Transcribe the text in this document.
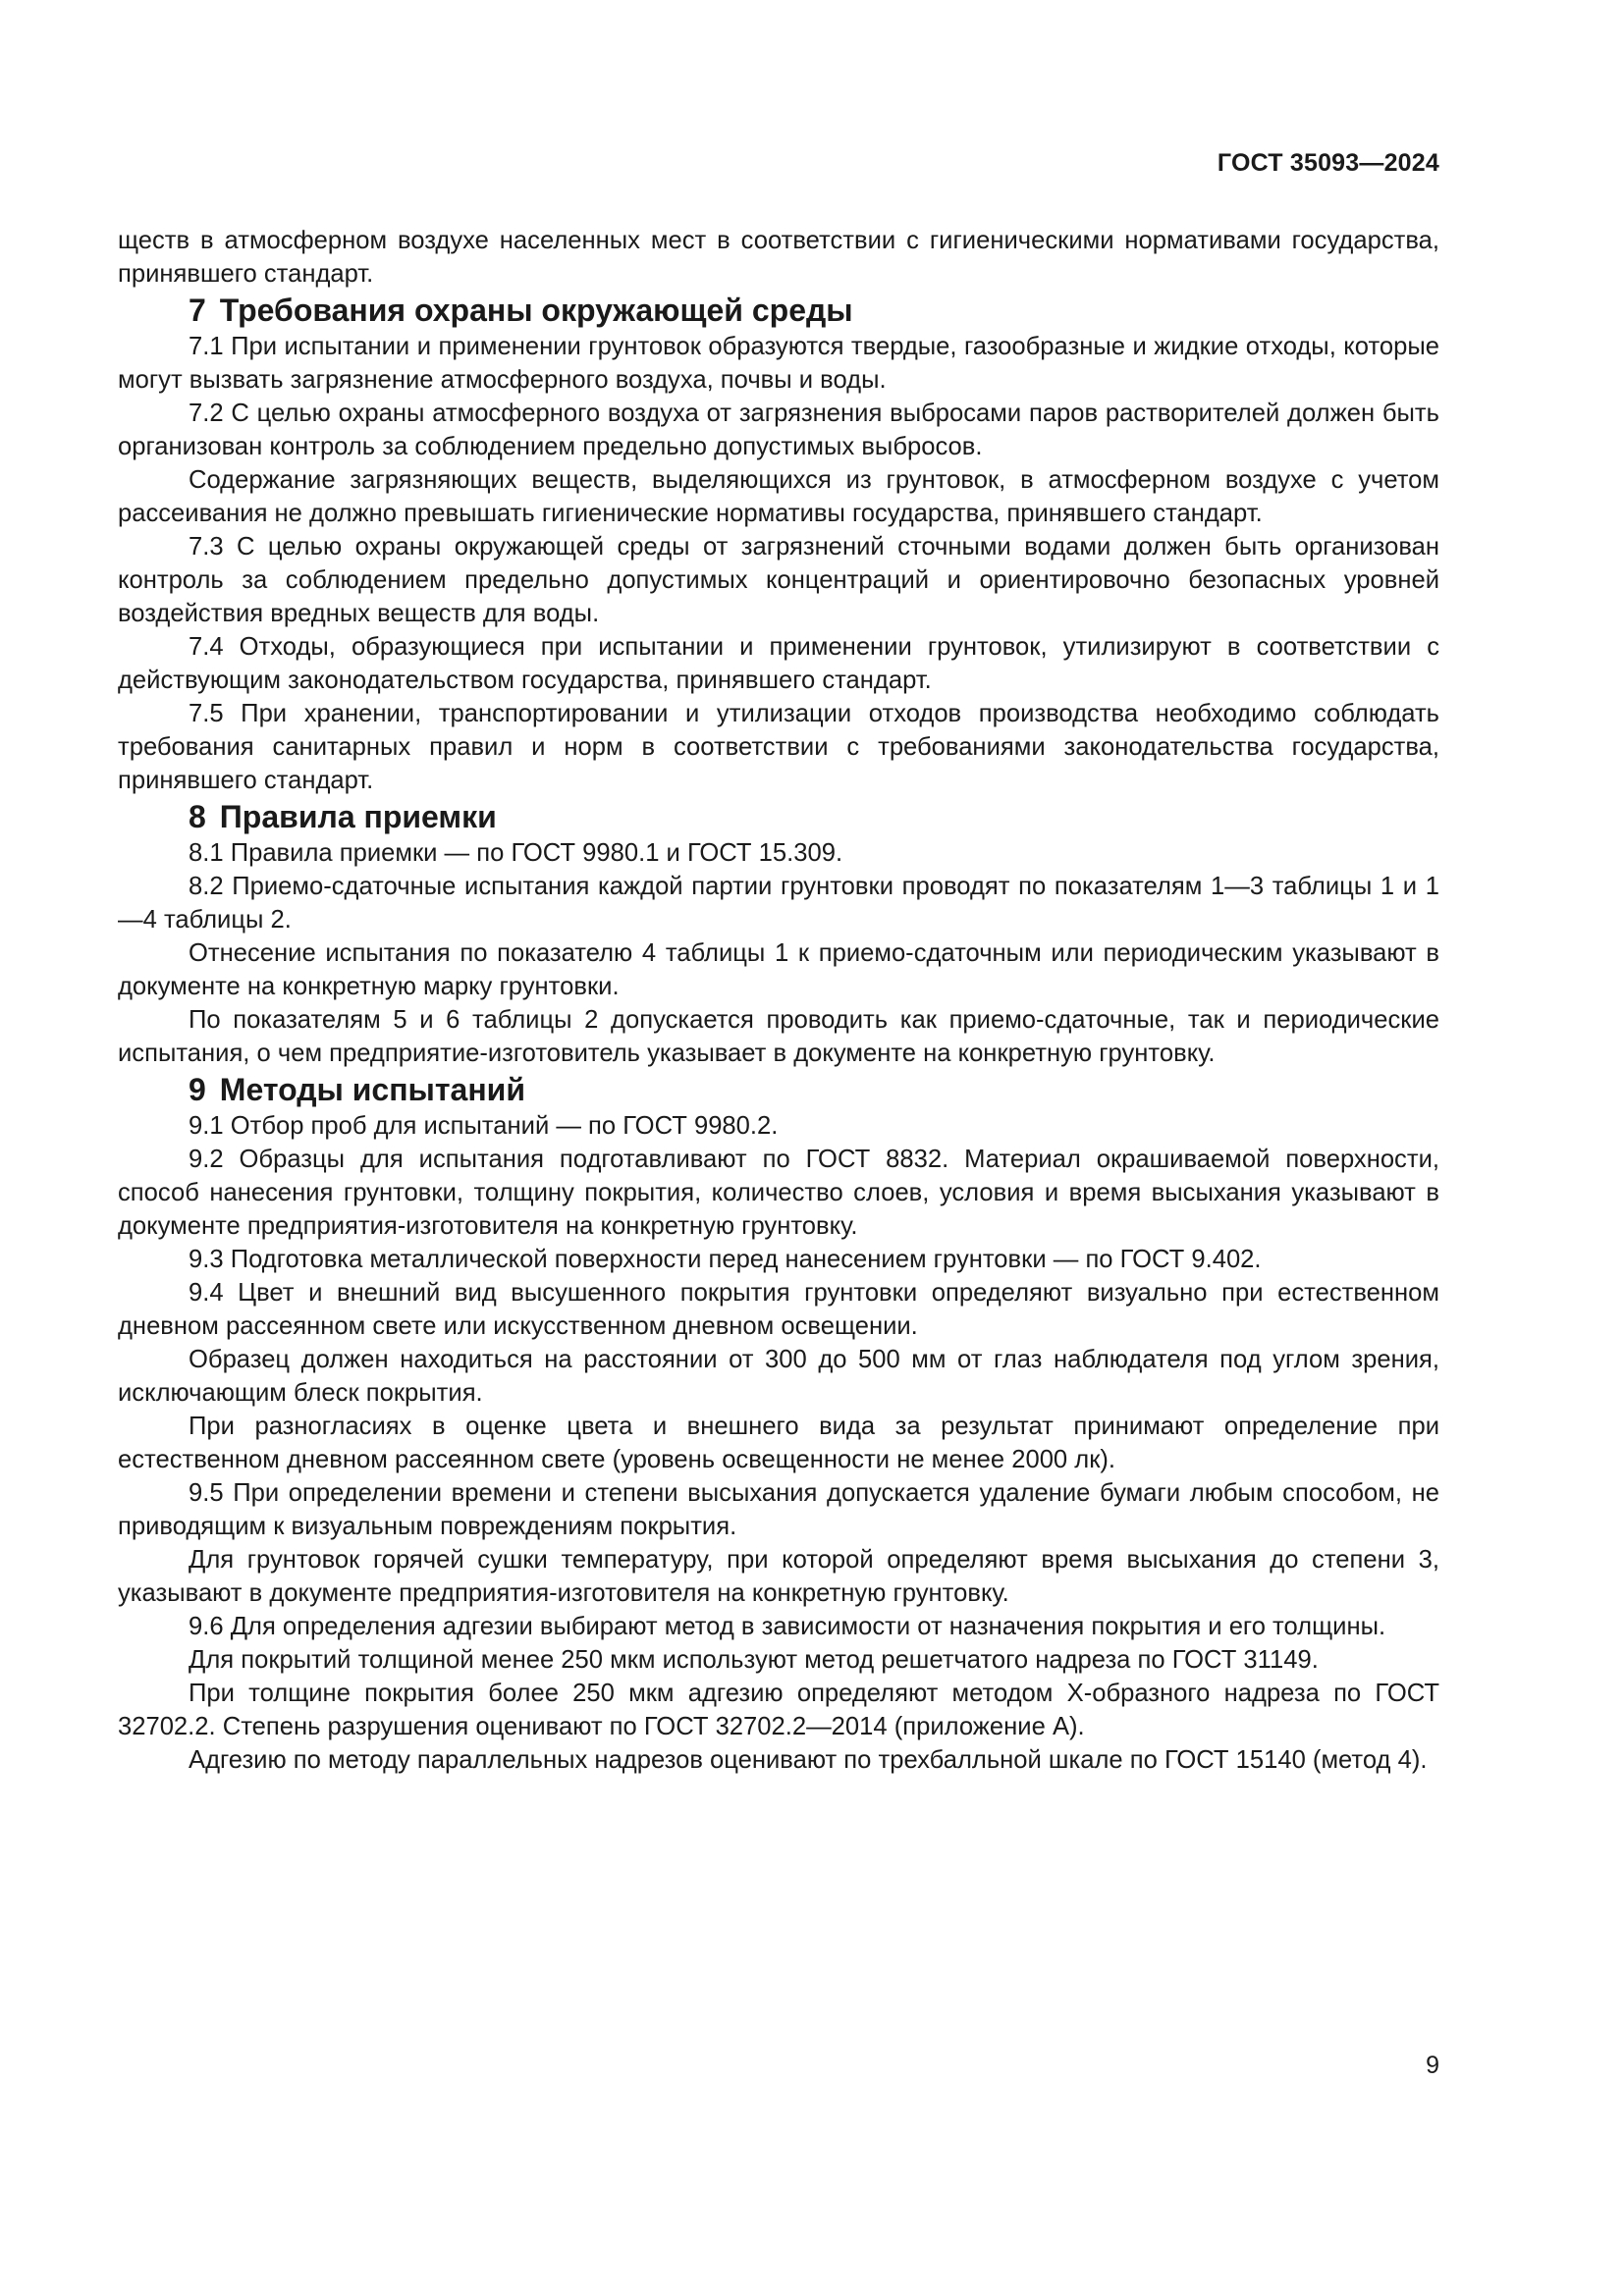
ГОСТ 35093—2024

ществ в атмосферном воздухе населенных мест в соответствии с гигиеническими нормативами государства, принявшего стандарт.

7 Требования охраны окружающей среды

7.1 При испытании и применении грунтовок образуются твердые, газообразные и жидкие отходы, которые могут вызвать загрязнение атмосферного воздуха, почвы и воды.

7.2 С целью охраны атмосферного воздуха от загрязнения выбросами паров растворителей должен быть организован контроль за соблюдением предельно допустимых выбросов.

Содержание загрязняющих веществ, выделяющихся из грунтовок, в атмосферном воздухе с учетом рассеивания не должно превышать гигиенические нормативы государства, принявшего стандарт.

7.3 С целью охраны окружающей среды от загрязнений сточными водами должен быть организован контроль за соблюдением предельно допустимых концентраций и ориентировочно безопасных уровней воздействия вредных веществ для воды.

7.4 Отходы, образующиеся при испытании и применении грунтовок, утилизируют в соответствии с действующим законодательством государства, принявшего стандарт.

7.5 При хранении, транспортировании и утилизации отходов производства необходимо соблюдать требования санитарных правил и норм в соответствии с требованиями законодательства государства, принявшего стандарт.

8 Правила приемки

8.1 Правила приемки — по ГОСТ 9980.1 и ГОСТ 15.309.

8.2 Приемо-сдаточные испытания каждой партии грунтовки проводят по показателям 1—3 таблицы 1 и 1—4 таблицы 2.

Отнесение испытания по показателю 4 таблицы 1 к приемо-сдаточным или периодическим указывают в документе на конкретную марку грунтовки.

По показателям 5 и 6 таблицы 2 допускается проводить как приемо-сдаточные, так и периодические испытания, о чем предприятие-изготовитель указывает в документе на конкретную грунтовку.

9 Методы испытаний

9.1 Отбор проб для испытаний — по ГОСТ 9980.2.

9.2 Образцы для испытания подготавливают по ГОСТ 8832. Материал окрашиваемой поверхности, способ нанесения грунтовки, толщину покрытия, количество слоев, условия и время высыхания указывают в документе предприятия-изготовителя на конкретную грунтовку.

9.3 Подготовка металлической поверхности перед нанесением грунтовки — по ГОСТ 9.402.

9.4 Цвет и внешний вид высушенного покрытия грунтовки определяют визуально при естественном дневном рассеянном свете или искусственном дневном освещении.

Образец должен находиться на расстоянии от 300 до 500 мм от глаз наблюдателя под углом зрения, исключающим блеск покрытия.

При разногласиях в оценке цвета и внешнего вида за результат принимают определение при естественном дневном рассеянном свете (уровень освещенности не менее 2000 лк).

9.5 При определении времени и степени высыхания допускается удаление бумаги любым способом, не приводящим к визуальным повреждениям покрытия.

Для грунтовок горячей сушки температуру, при которой определяют время высыхания до степени 3, указывают в документе предприятия-изготовителя на конкретную грунтовку.

9.6 Для определения адгезии выбирают метод в зависимости от назначения покрытия и его толщины.

Для покрытий толщиной менее 250 мкм используют метод решетчатого надреза по ГОСТ 31149.

При толщине покрытия более 250 мкм адгезию определяют методом Х-образного надреза по ГОСТ 32702.2. Степень разрушения оценивают по ГОСТ 32702.2—2014 (приложение А).

Адгезию по методу параллельных надрезов оценивают по трехбалльной шкале по ГОСТ 15140 (метод 4).

9
